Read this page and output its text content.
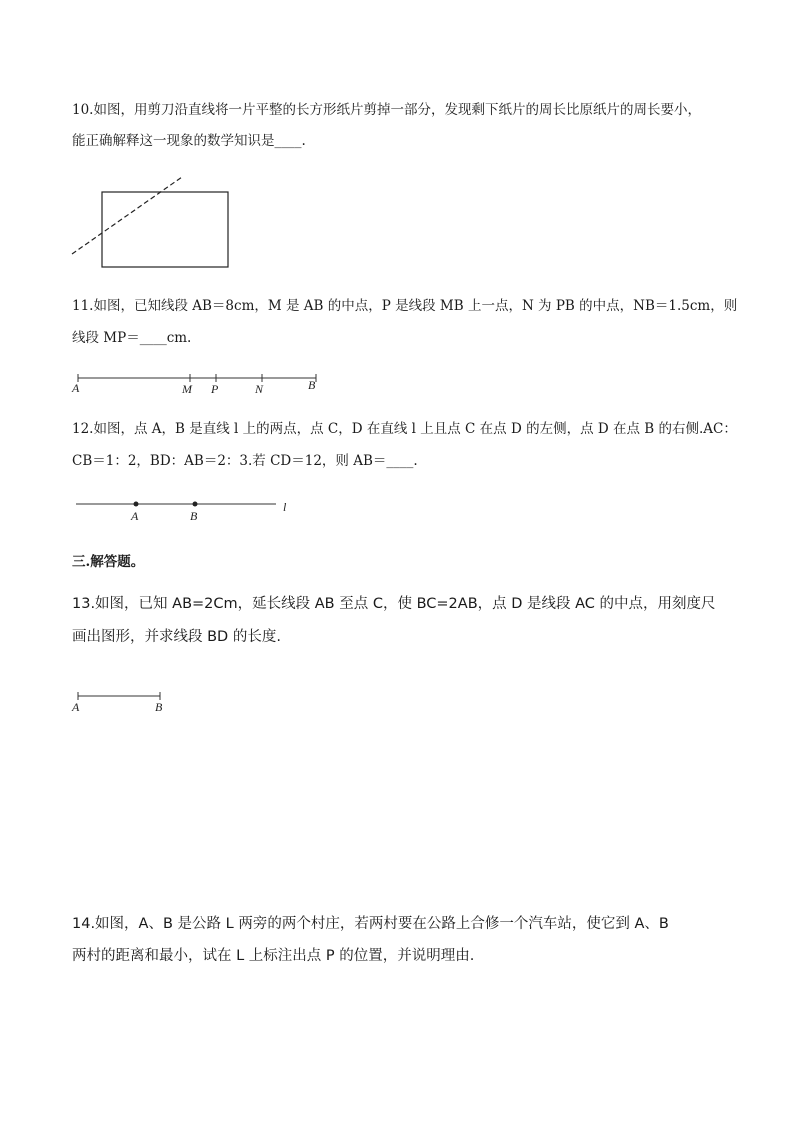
10.如图，用剪刀沿直线将一片平整的长方形纸片剪掉一部分，发现剩下纸片的周长比原纸片的周长要小，
能正确解释这一现象的数学知识是____.
11.如图，已知线段 AB＝8cm，M 是 AB 的中点，P 是线段 MB 上一点，N 为 PB 的中点，NB＝1.5cm，则
线段 MP＝____cm.
A	M P	N	B
12.如图，点 A，B 是直线 l 上的两点，点 C，D 在直线 l 上且点 C 在点 D 的左侧，点 D 在点 B 的右侧.AC：
CB＝1：2，BD：AB＝2：3.若 CD＝12，则 AB＝____.
A	B
l
三.解答题。
13.如图，已知 AB=2Cm，延长线段 AB 至点 C，使 BC=2AB，点 D 是线段 AC 的中点，用刻度尺
画出图形，并求线段 BD 的长度.
A	B
14.如图，A、B 是公路 L 两旁的两个村庄，若两村要在公路上合修一个汽车站，使它到 A、B
两村的距离和最小，试在 L 上标注出点 P 的位置，并说明理由.
